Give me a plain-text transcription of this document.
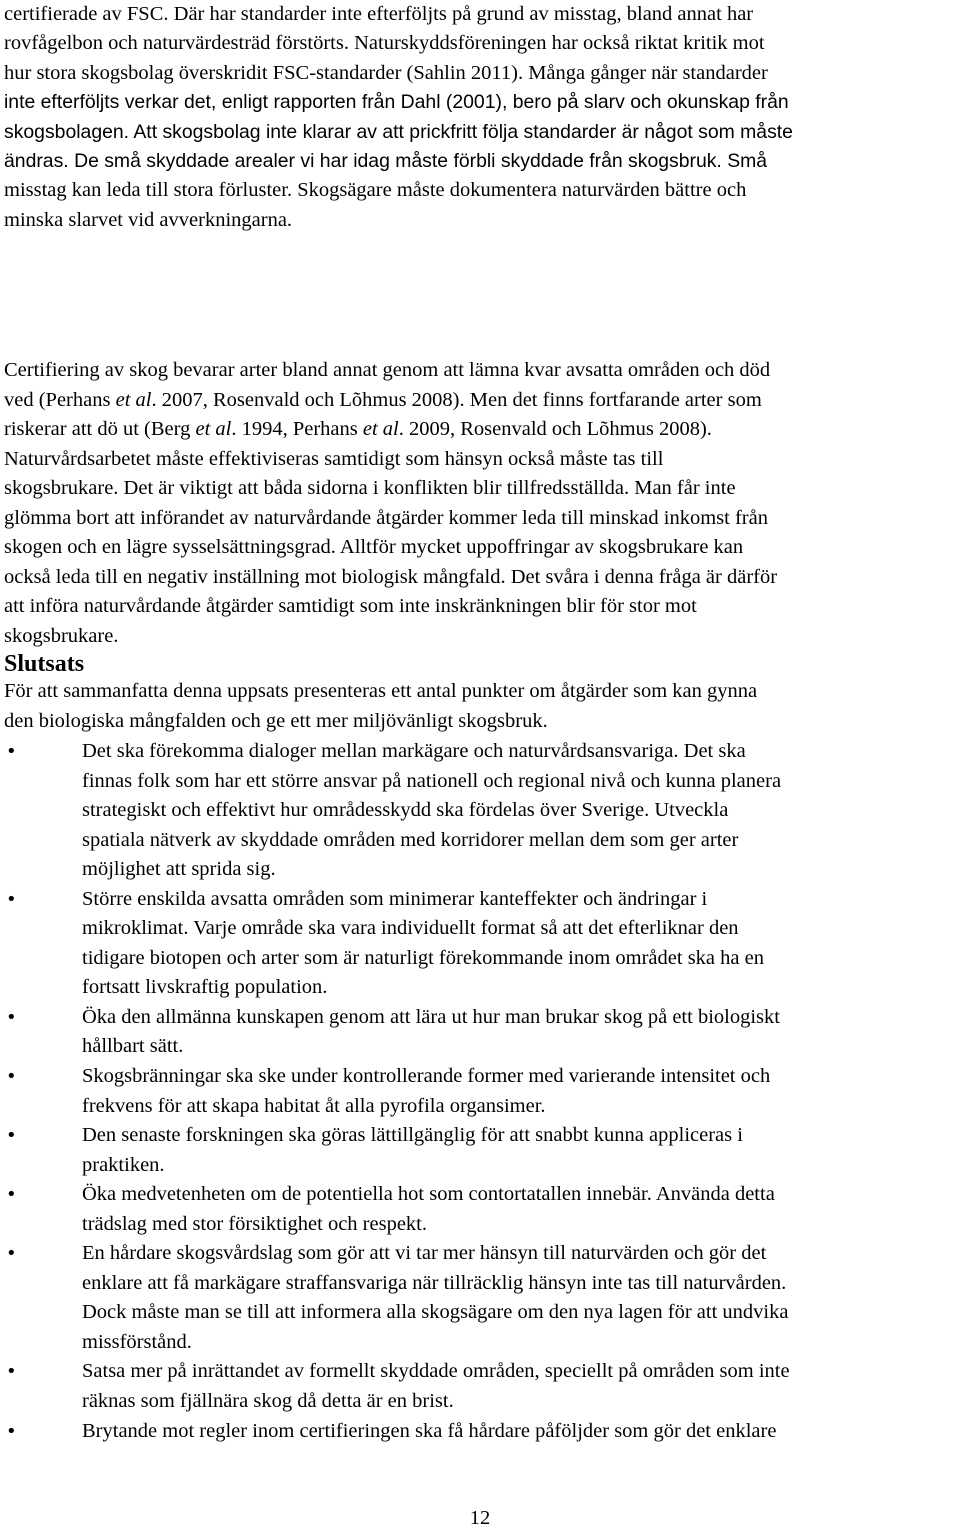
certifierade av FSC. Där har standarder inte efterföljts på grund av misstag, bland annat har
rovfågelbon och naturvärdesträd förstörts. Naturskyddsföreningen har också riktat kritik mot
hur stora skogsbolag överskridit FSC-standarder (Sahlin 2011). Många gånger när standarder
inte efterföljts verkar det, enligt rapporten från Dahl (2001), bero på slarv och okunskap från
skogsbolagen. Att skogsbolag inte klarar av att prickfritt följa standarder är något som måste
ändras. De små skyddade arealer vi har idag måste förbli skyddade från skogsbruk. Små
misstag kan leda till stora förluster. Skogsägare måste dokumentera naturvärden bättre och
minska slarvet vid avverkningarna.
Slutsats
Certifiering av skog bevarar arter bland annat genom att lämna kvar avsatta områden och död
ved (Perhans et al. 2007, Rosenvald och Lõhmus 2008). Men det finns fortfarande arter som
riskerar att dö ut (Berg et al. 1994, Perhans et al. 2009, Rosenvald och Lõhmus 2008).
Naturvårdsarbetet måste effektiviseras samtidigt som hänsyn också måste tas till
skogsbrukare. Det är viktigt att båda sidorna i konflikten blir tillfredsställda. Man får inte
glömma bort att införandet av naturvårdande åtgärder kommer leda till minskad inkomst från
skogen och en lägre sysselsättningsgrad. Alltför mycket uppoffringar av skogsbrukare kan
också leda till en negativ inställning mot biologisk mångfald. Det svåra i denna fråga är därför
att införa naturvårdande åtgärder samtidigt som inte inskränkningen blir för stor mot
skogsbrukare.
För att sammanfatta denna uppsats presenteras ett antal punkter om åtgärder som kan gynna
den biologiska mångfalden och ge ett mer miljövänligt skogsbruk.
•	Det ska förekomma dialoger mellan markägare och naturvårdsansvariga. Det ska
finnas folk som har ett större ansvar på nationell och regional nivå och kunna planera
strategiskt och effektivt hur områdesskydd ska fördelas över Sverige. Utveckla
spatiala nätverk av skyddade områden med korridorer mellan dem som ger arter
möjlighet att sprida sig.
•	Större enskilda avsatta områden som minimerar kanteffekter och ändringar i
mikroklimat. Varje område ska vara individuellt format så att det efterliknar den
tidigare biotopen och arter som är naturligt förekommande inom området ska ha en
fortsatt livskraftig population.
•	Öka den allmänna kunskapen genom att lära ut hur man brukar skog på ett biologiskt
hållbart sätt.
•	Skogsbränningar ska ske under kontrollerande former med varierande intensitet och
frekvens för att skapa habitat åt alla pyrofila organsimer.
•	Den senaste forskningen ska göras lättillgänglig för att snabbt kunna appliceras i
praktiken.
•	Öka medvetenheten om de potentiella hot som contortatallen innebär. Använda detta
trädslag med stor försiktighet och respekt.
•	En hårdare skogsvårdslag som gör att vi tar mer hänsyn till naturvärden och gör det
enklare att få markägare straffansvariga när tillräcklig hänsyn inte tas till naturvården.
Dock måste man se till att informera alla skogsägare om den nya lagen för att undvika
missförstånd.
•	Satsa mer på inrättandet av formellt skyddade områden, speciellt på områden som inte
räknas som fjällnära skog då detta är en brist.
•	Brytande mot regler inom certifieringen ska få hårdare påföljder som gör det enklare
12
